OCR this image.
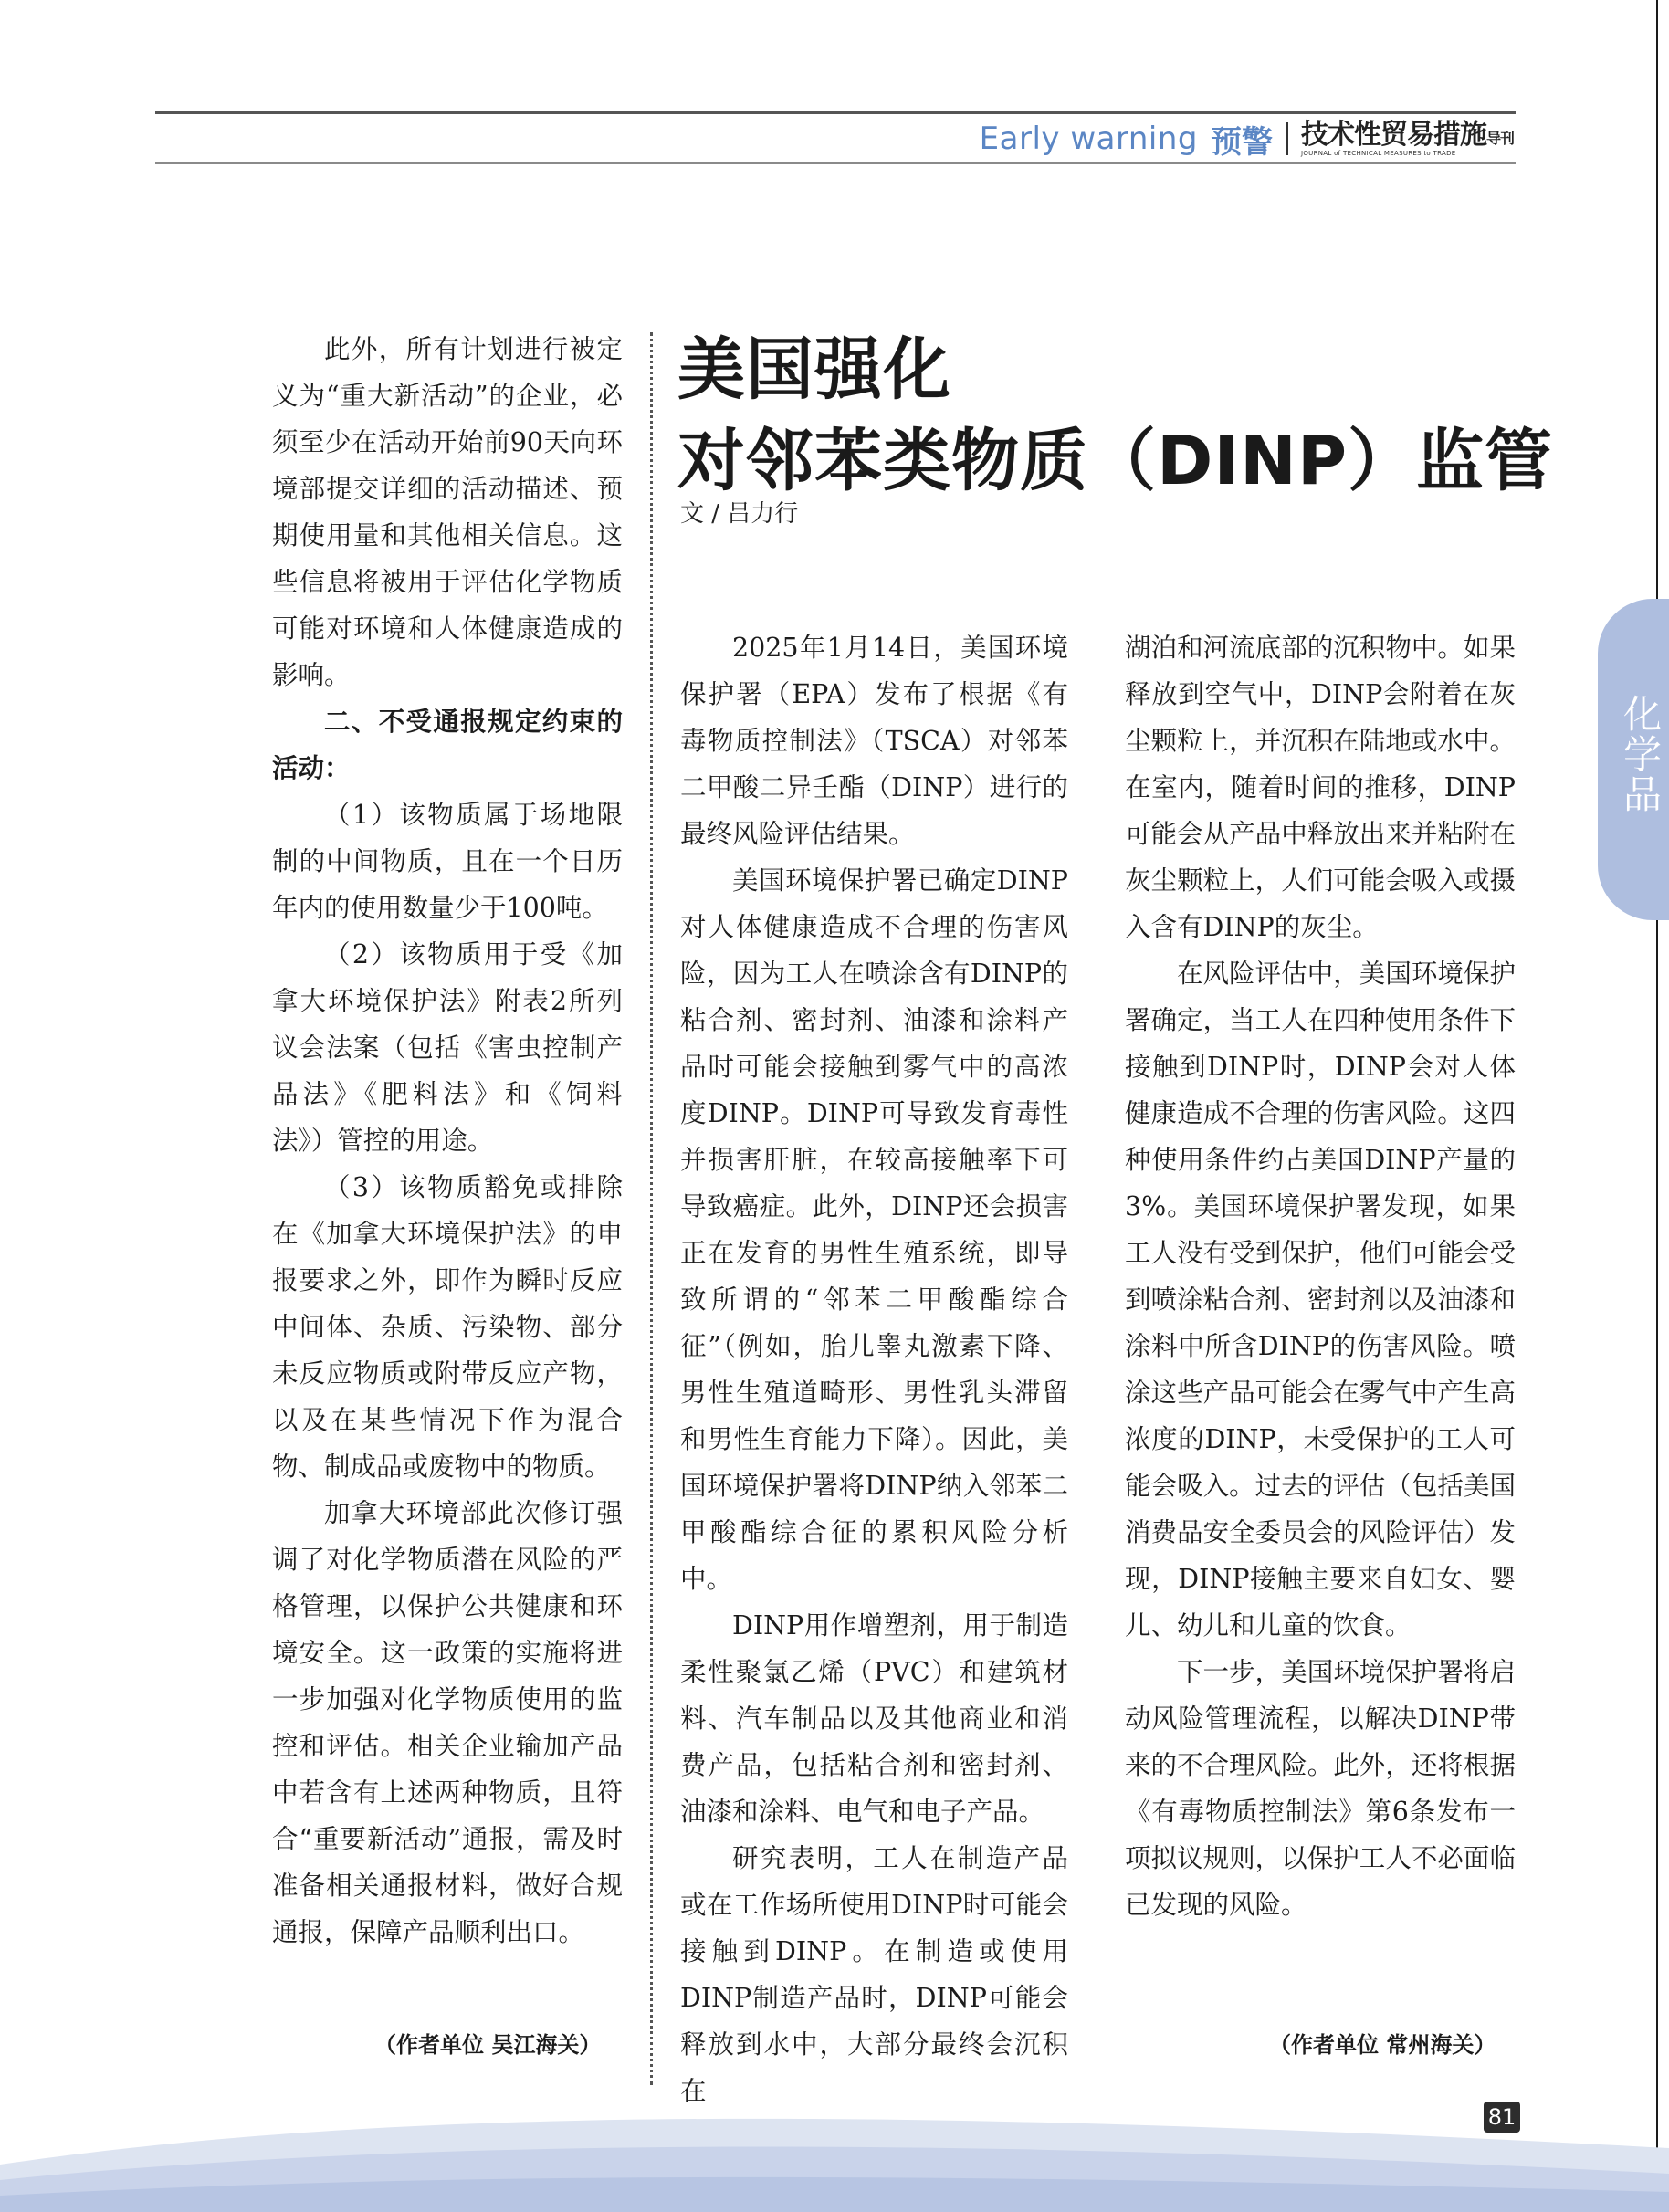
Early warning 预警 技术性贸易措施导刊
JOURNAL of TECHNICAL MEASURES to TRADE

此外，所有计划进行被定义为“重大新活动”的企业，必须至少在活动开始前90天向环境部提交详细的活动描述、预期使用量和其他相关信息。这些信息将被用于评估化学物质可能对环境和人体健康造成的影响。

二、不受通报规定约束的活动：

（1）该物质属于场地限制的中间物质，且在一个日历年内的使用数量少于100吨。

（2）该物质用于受《加拿大环境保护法》附表2所列议会法案（包括《害虫控制产品法》《肥料法》和《饲料法》）管控的用途。

（3）该物质豁免或排除在《加拿大环境保护法》的申报要求之外，即作为瞬时反应中间体、杂质、污染物、部分未反应物质或附带反应产物，以及在某些情况下作为混合物、制成品或废物中的物质。

加拿大环境部此次修订强调了对化学物质潜在风险的严格管理，以保护公共健康和环境安全。这一政策的实施将进一步加强对化学物质使用的监控和评估。相关企业输加产品中若含有上述两种物质，且符合“重要新活动”通报，需及时准备相关通报材料，做好合规通报，保障产品顺利出口。

（作者单位 吴江海关）
美国强化
对邻苯类物质（DINP）监管
文 / 吕力行

2025年1月14日，美国环境保护署（EPA）发布了根据《有毒物质控制法》（TSCA）对邻苯二甲酸二异壬酯（DINP）进行的最终风险评估结果。

美国环境保护署已确定DINP对人体健康造成不合理的伤害风险，因为工人在喷涂含有DINP的粘合剂、密封剂、油漆和涂料产品时可能会接触到雾气中的高浓度DINP。DINP可导致发育毒性并损害肝脏，在较高接触率下可导致癌症。此外，DINP还会损害正在发育的男性生殖系统，即导致所谓的“邻苯二甲酸酯综合征”（例如，胎儿睾丸激素下降、男性生殖道畸形、男性乳头滞留和男性生育能力下降）。因此，美国环境保护署将DINP纳入邻苯二甲酸酯综合征的累积风险分析中。

DINP用作增塑剂，用于制造柔性聚氯乙烯（PVC）和建筑材料、汽车制品以及其他商业和消费产品，包括粘合剂和密封剂、油漆和涂料、电气和电子产品。

研究表明，工人在制造产品或在工作场所使用DINP时可能会接触到DINP。在制造或使用DINP制造产品时，DINP可能会释放到水中，大部分最终会沉积在

湖泊和河流底部的沉积物中。如果释放到空气中，DINP会附着在灰尘颗粒上，并沉积在陆地或水中。在室内，随着时间的推移，DINP可能会从产品中释放出来并粘附在灰尘颗粒上，人们可能会吸入或摄入含有DINP的灰尘。

在风险评估中，美国环境保护署确定，当工人在四种使用条件下接触到DINP时，DINP会对人体健康造成不合理的伤害风险。这四种使用条件约占美国DINP产量的3%。美国环境保护署发现，如果工人没有受到保护，他们可能会受到喷涂粘合剂、密封剂以及油漆和涂料中所含DINP的伤害风险。喷涂这些产品可能会在雾气中产生高浓度的DINP，未受保护的工人可能会吸入。过去的评估（包括美国消费品安全委员会的风险评估）发现，DINP接触主要来自妇女、婴儿、幼儿和儿童的饮食。

下一步，美国环境保护署将启动风险管理流程，以解决DINP带来的不合理风险。此外，还将根据《有毒物质控制法》第6条发布一项拟议规则，以保护工人不必面临已发现的风险。

（作者单位 常州海关）
化学品
81
